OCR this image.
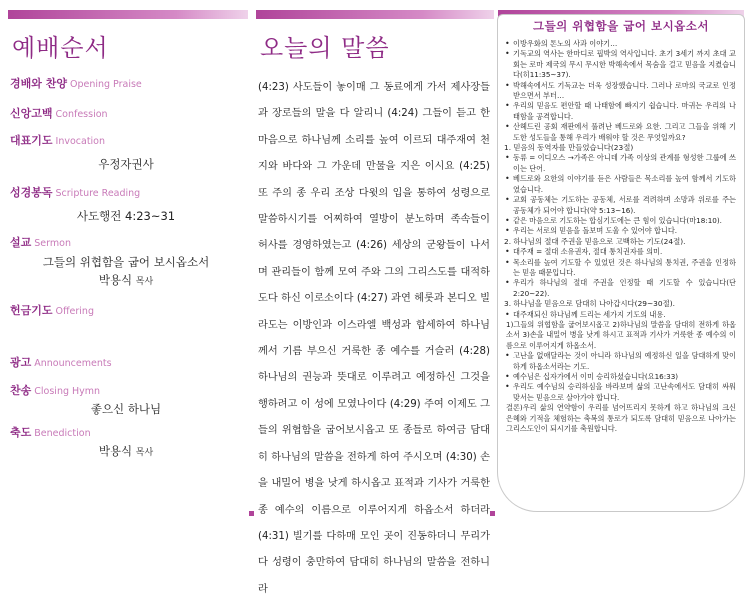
예배순서
경배와 찬양 Opening Praise
신앙고백 Confession
대표기도 Invocation
우정자권사
성경봉독 Scripture Reading
사도행전 4:23~31
설교 Sermon
그들의 위협함을 굽어 보시옵소서
박용식 목사
헌금기도 Offering
광고 Announcements
찬송 Closing Hymn
좋으신 하나님
축도 Benediction
박용식 목사
오늘의 말씀
(4:23) 사도들이 놓이매 그 동료에게 가서 제사장들과 장로들의 말을 다 알리니 (4:24) 그들이 듣고 한마음으로 하나님께 소리를 높여 이르되 대주재여 천지와 바다와 그 가운데 만물을 지은 이시요 (4:25) 또 주의 종 우리 조상 다윗의 입을 통하여 성령으로 말씀하시기를 어찌하여 열방이 분노하며 족속들이 허사를 경영하였는고 (4:26) 세상의 군왕들이 나서며 관리들이 함께 모여 주와 그의 그리스도를 대적하도다 하신 이로소이다 (4:27) 과연 헤롯과 본디오 빌라도는 이방인과 이스라엘 백성과 합세하여 하나님께서 기름 부으신 거룩한 종 예수를 거슬러 (4:28) 하나님의 권능과 뜻대로 이루려고 예정하신 그것을 행하려고 이 성에 모였나이다 (4:29) 주여 이제도 그들의 위협함을 굽어보시옵고 또 종들로 하여금 담대히 하나님의 말씀을 전하게 하여 주시오며 (4:30) 손을 내밀어 병을 낫게 하시옵고 표적과 기사가 거룩한 종 예수의 이름으로 이루어지게 하옵소서 하더라 (4:31) 빌기를 다하매 모인 곳이 진동하더니 무리가 다 성령이 충만하여 담대히 하나님의 말씀을 전하니라
그들의 위협함을 굽어 보시옵소서
• 이방우화의 톤노의 사과 이야기…
• 기독교의 역사는 한마디로 핍박의 역사입니다. 초기 3세기 까지 초대 교회는 로마 제국의 무시 무시한 박해속에서 목숨을 걸고 믿음을 지켰습니다(히11:35~37).
• 박해속에서도 기독교는 더욱 성장했습니다. 그러나 로마의 국교로 인정받으면서 부터…
• 우리의 믿음도 편안할 때 나태함에 빠지기 쉽습니다. 마귀는 우리의 나태함을 공격합니다.
• 산헤드린 공회 재판에서 풀려난 베드로와 요한. 그리고 그들을 위해 기도한 성도들을 통해 우리가 배워야 할 것은 무엇일까요?
1. 믿음의 동역자를 만들었습니다(23절)
• 동류 = 이디오스 →가족은 아니데 가족 이상의 관계를 형성한 그룹에 쓰이는 단어.
• 베드로와 요한의 이야기를 듣은 사람들은 목소리를 높여 함께서 기도하였습니다.
• 교회 공동체는 기도하는 공동체, 서로를 격려하며 소망과 위로를 주는 공동체가 되어야 합니다(약 5:13~16).
• 같은 마음으로 기도하는 합심기도에는 큰 힘이 있습니다(마18:10).
• 우리는 서로의 믿음을 돌보며 도울 수 있어야 합니다.
2. 하나님의 절대 주권을 믿음으로 고백하는 기도(24절).
• 대주재 = 절대 소유권자, 절대 통치권자를 의미.
• 목소리를 높여 기도할 수 있었던 것은 하나님의 통치권, 주권을 인정하는 믿음 때문입니다.
• 우리가 하나님의 절대 주권을 인정할 때 기도할 수 있습니다(단2:20~22).
3. 하나님을 믿음으로 담대히 나아갑시다(29~30절).
• 대주재되신 하나님께 드리는 세가지 기도의 내용.
1)그들의 위협함을 굽어보시옵고 2)하나님의 말씀을 담대히 전하게 하옵소서 3)손을 내밀어 병을 낫게 하시고 표적과 기사가 거룩한 종 예수의 이름으로 이루어지게 하옵소서.
• 고난을 없애달라는 것이 아니라 하나님의 예정하신 일을 담대하게 맞이하게 하옵소서라는 기도.
• 예수님은 십자가에서 이미 승리하셨습니다(요16:33)
• 우리도 예수님의 승리하심을 바라보며 삶의 고난속에서도 담대히 싸워 맞서는 믿음으로 살아가야 합니다.
결론)우리 삶의 연약함이 우리를 넘어뜨리지 못하게 하고 하나님의 크신 은혜와 기적을 체험하는 축복의 통로가 되도록 담대히 믿음으로 나아가는 그리스도인이 되시기를 축원합니다.
